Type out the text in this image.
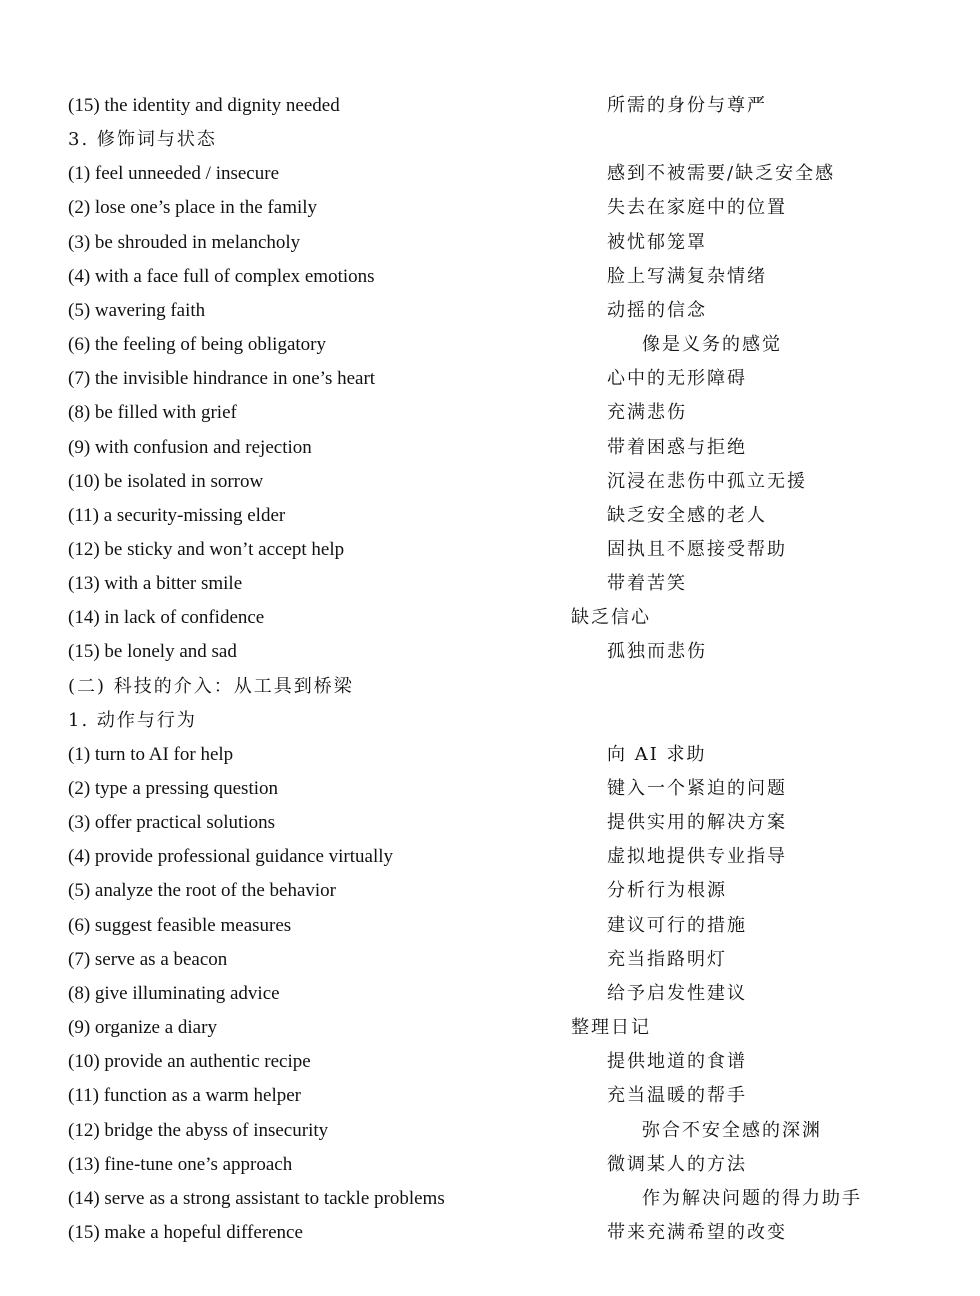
(15) the identity and dignity needed	所需的身份与尊严
3. 修饰词与状态
(1) feel unneeded / insecure	感到不被需要/缺乏安全感
(2) lose one’s place in the family	失去在家庭中的位置
(3) be shrouded in melancholy	被忧郁笼罩
(4) with a face full of complex emotions	脸上写满复杂情绪
(5) wavering faith	动摇的信念
(6) the feeling of being obligatory	像是义务的感觉
(7) the invisible hindrance in one’s heart	心中的无形障碍
(8) be filled with grief	充满悲伤
(9) with confusion and rejection	带着困惑与拒绝
(10) be isolated in sorrow	沉浸在悲伤中孤立无援
(11) a security-missing elder	缺乏安全感的老人
(12) be sticky and won’t accept help	固执且不愿接受帮助
(13) with a bitter smile	带着苦笑
(14) in lack of confidence	缺乏信心
(15) be lonely and sad	孤独而悲伤
(二) 科技的介入：从工具到桥梁
1. 动作与行为
(1) turn to AI for help	向 AI 求助
(2) type a pressing question	键入一个紧迫的问题
(3) offer practical solutions	提供实用的解决方案
(4) provide professional guidance virtually	虚拟地提供专业指导
(5) analyze the root of the behavior	分析行为根源
(6) suggest feasible measures	建议可行的措施
(7) serve as a beacon	充当指路明灯
(8) give illuminating advice	给予启发性建议
(9) organize a diary	整理日记
(10) provide an authentic recipe	提供地道的食谱
(11) function as a warm helper	充当温暖的帮手
(12) bridge the abyss of insecurity	弥合不安全感的深渊
(13) fine-tune one’s approach	微调某人的方法
(14) serve as a strong assistant to tackle problems	作为解决问题的得力助手
(15) make a hopeful difference	带来充满希望的改变
